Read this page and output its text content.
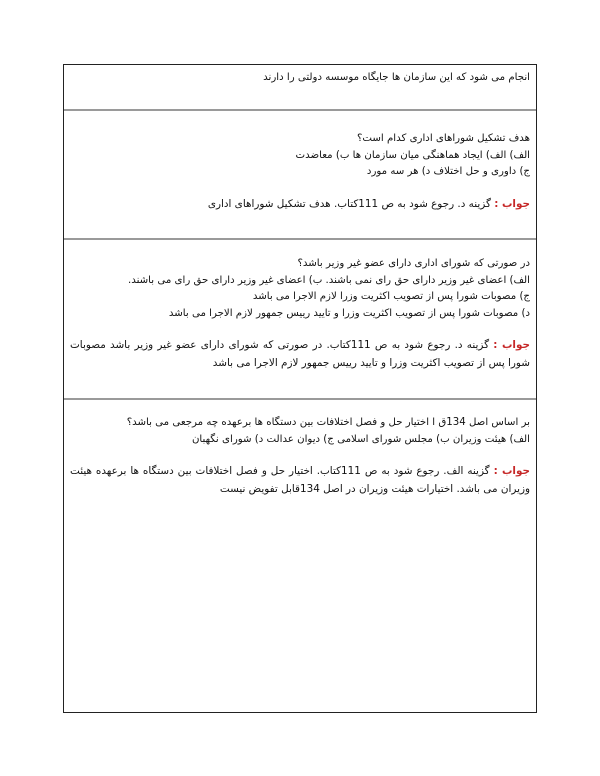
انجام می شود که این سازمان ها جایگاه موسسه دولتی را دارند
هدف تشکیل شوراهای اداری کدام است؟
الف) الف) ایجاد هماهنگی میان سازمان ها ب) معاضدت
ج) داوری و حل اختلاف د) هر سه مورد
جواب : گزینه د. رجوع شود به ص 111کتاب. هدف تشکیل شوراهای اداری
در صورتی که شورای اداری دارای عضو غیر وزیر باشد؟
الف) اعضای غیر وزیر دارای حق رای نمی باشند. ب) اعضای غیر وزیر دارای حق رای می باشند.
ج) مصوبات شورا پس از تصویب اکثریت وزرا لازم الاجرا می باشد
د) مصوبات شورا پس از تصویب اکثریت وزرا و تایید رییس جمهور لازم الاجرا می باشد
جواب : گزینه د. رجوع شود به ص 111کتاب. در صورتی که شورای دارای عضو غیر وزیر باشد مصوبات شورا پس از تصویب اکثریت وزرا و تایید رییس جمهور لازم الاجرا می باشد
بر اساس اصل 134ق ا اختیار حل و فصل اختلافات بین دستگاه ها برعهده چه مرجعی می باشد؟
الف) هیئت وزیران ب) مجلس شورای اسلامی ج) دیوان عدالت د) شورای نگهبان
جواب : گزینه الف. رجوع شود به ص 111کتاب. اختیار حل و فصل اختلافات بین دستگاه ها برعهده هیئت وزیران می باشد. اختیارات هیئت وزیران در اصل 134قابل تفویض نیست
